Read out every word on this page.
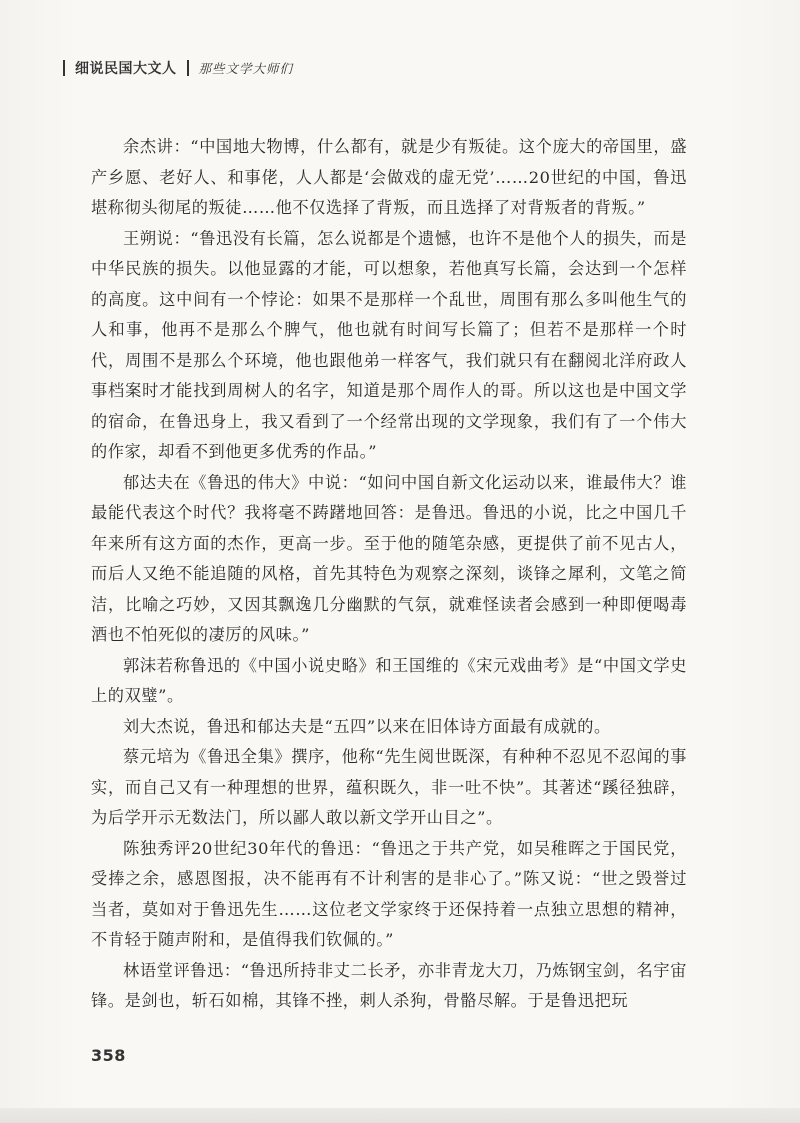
细说民国大文人 那些文学大师们

余杰讲：“中国地大物博，什么都有，就是少有叛徒。这个庞大的帝国里，盛产乡愿、老好人、和事佬，人人都是‘会做戏的虚无党’……20世纪的中国，鲁迅堪称彻头彻尾的叛徒……他不仅选择了背叛，而且选择了对背叛者的背叛。”

王朔说：“鲁迅没有长篇，怎么说都是个遗憾，也许不是他个人的损失，而是中华民族的损失。以他显露的才能，可以想象，若他真写长篇，会达到一个怎样的高度。这中间有一个悖论：如果不是那样一个乱世，周围有那么多叫他生气的人和事，他再不是那么个脾气，他也就有时间写长篇了；但若不是那样一个时代，周围不是那么个环境，他也跟他弟一样客气，我们就只有在翻阅北洋府政人事档案时才能找到周树人的名字，知道是那个周作人的哥。所以这也是中国文学的宿命，在鲁迅身上，我又看到了一个经常出现的文学现象，我们有了一个伟大的作家，却看不到他更多优秀的作品。”

郁达夫在《鲁迅的伟大》中说：“如问中国自新文化运动以来，谁最伟大？谁最能代表这个时代？我将毫不踌躇地回答：是鲁迅。鲁迅的小说，比之中国几千年来所有这方面的杰作，更高一步。至于他的随笔杂感，更提供了前不见古人，而后人又绝不能追随的风格，首先其特色为观察之深刻，谈锋之犀利，文笔之简洁，比喻之巧妙，又因其飘逸几分幽默的气氛，就难怪读者会感到一种即便喝毒酒也不怕死似的凄厉的风味。”

郭沫若称鲁迅的《中国小说史略》和王国维的《宋元戏曲考》是“中国文学史上的双璧”。

刘大杰说，鲁迅和郁达夫是“五四”以来在旧体诗方面最有成就的。

蔡元培为《鲁迅全集》撰序，他称“先生阅世既深，有种种不忍见不忍闻的事实，而自己又有一种理想的世界，蕴积既久，非一吐不快”。其著述“蹊径独辟，为后学开示无数法门，所以鄙人敢以新文学开山目之”。

陈独秀评20世纪30年代的鲁迅：“鲁迅之于共产党，如吴稚晖之于国民党，受捧之余，感恩图报，决不能再有不计利害的是非心了。”陈又说：“世之毁誉过当者，莫如对于鲁迅先生……这位老文学家终于还保持着一点独立思想的精神，不肯轻于随声附和，是值得我们钦佩的。”

林语堂评鲁迅：“鲁迅所持非丈二长矛，亦非青龙大刀，乃炼钢宝剑，名宇宙锋。是剑也，斩石如棉，其锋不挫，刺人杀狗，骨骼尽解。于是鲁迅把玩

358
